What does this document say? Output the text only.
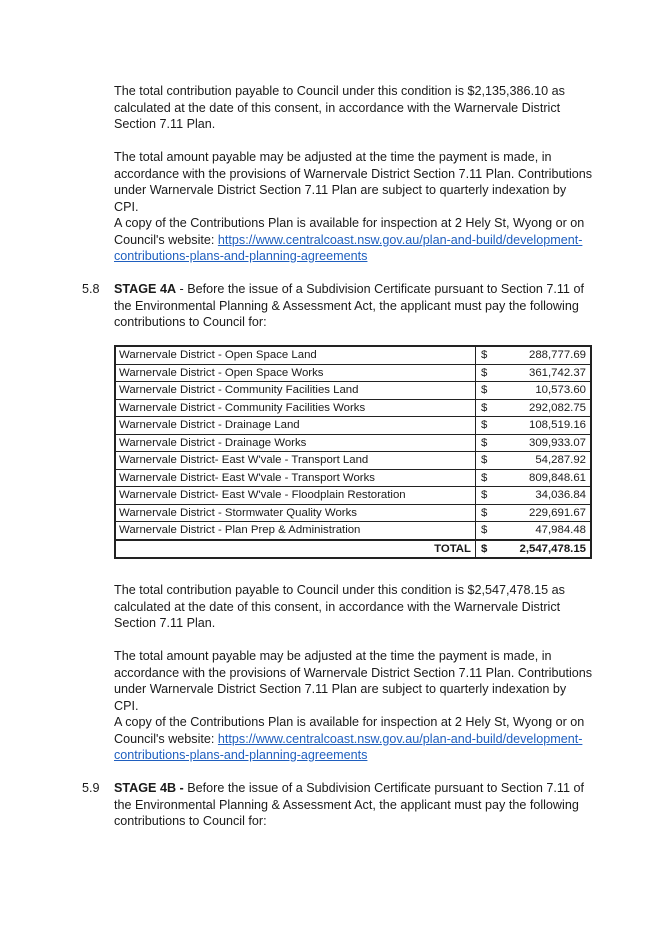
The total contribution payable to Council under this condition is $2,135,386.10 as calculated at the date of this consent, in accordance with the Warnervale District Section 7.11 Plan.

The total amount payable may be adjusted at the time the payment is made, in accordance with the provisions of Warnervale District Section 7.11 Plan. Contributions under Warnervale District Section 7.11 Plan are subject to quarterly indexation by CPI.

A copy of the Contributions Plan is available for inspection at 2 Hely St, Wyong or on Council's website: https://www.centralcoast.nsw.gov.au/plan-and-build/development-contributions-plans-and-planning-agreements

5.8 STAGE 4A - Before the issue of a Subdivision Certificate pursuant to Section 7.11 of the Environmental Planning & Assessment Act, the applicant must pay the following contributions to Council for:

Warnervale District - Open Space Land	$	288,777.69
Warnervale District - Open Space Works	$	361,742.37
Warnervale District - Community Facilities Land	$	10,573.60
Warnervale District - Community Facilities Works	$	292,082.75
Warnervale District - Drainage Land	$	108,519.16
Warnervale District - Drainage Works	$	309,933.07
Warnervale District- East W'vale - Transport Land	$	54,287.92
Warnervale District- East W'vale - Transport Works	$	809,848.61
Warnervale District- East W'vale - Floodplain Restoration	$	34,036.84
Warnervale District - Stormwater Quality Works	$	229,691.67
Warnervale District - Plan Prep & Administration	$	47,984.48
TOTAL	$	2,547,478.15

The total contribution payable to Council under this condition is $2,547,478.15 as calculated at the date of this consent, in accordance with the Warnervale District Section 7.11 Plan.

The total amount payable may be adjusted at the time the payment is made, in accordance with the provisions of Warnervale District Section 7.11 Plan. Contributions under Warnervale District Section 7.11 Plan are subject to quarterly indexation by CPI.

A copy of the Contributions Plan is available for inspection at 2 Hely St, Wyong or on Council's website: https://www.centralcoast.nsw.gov.au/plan-and-build/development-contributions-plans-and-planning-agreements

5.9 STAGE 4B - Before the issue of a Subdivision Certificate pursuant to Section 7.11 of the Environmental Planning & Assessment Act, the applicant must pay the following contributions to Council for:
